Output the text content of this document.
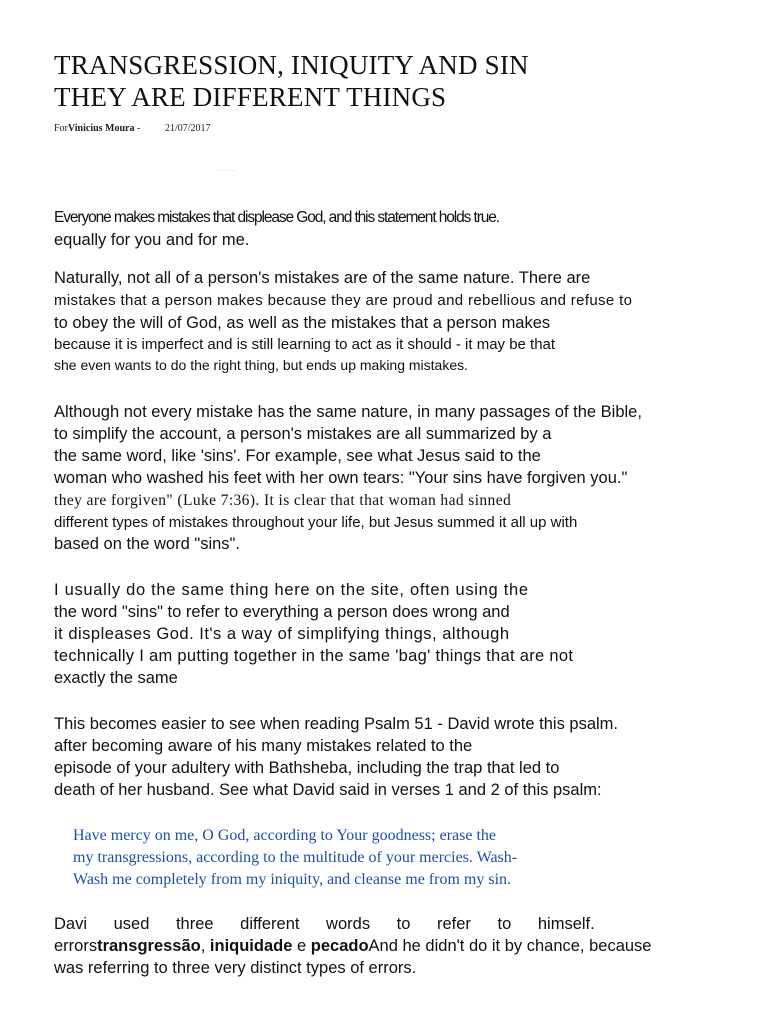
TRANSGRESSION, INIQUITY AND SIN
THEY ARE DIFFERENT THINGS
ForVinicius Moura - 21/07/2017

Everyone makes mistakes that displease God, and this statement holds true.

equally for you and for me.

Naturally, not all of a person's mistakes are of the same nature. There are

mistakes that a person makes because they are proud and rebellious and refuse to

to obey the will of God, as well as the mistakes that a person makes

because it is imperfect and is still learning to act as it should - it may be that

she even wants to do the right thing, but ends up making mistakes.

Although not every mistake has the same nature, in many passages of the Bible,

to simplify the account, a person's mistakes are all summarized by a

the same word, like 'sins'. For example, see what Jesus said to the

woman who washed his feet with her own tears: "Your sins have forgiven you."

they are forgiven" (Luke 7:36). It is clear that that woman had sinned

different types of mistakes throughout your life, but Jesus summed it all up with

based on the word "sins".

I usually do the same thing here on the site, often using the

the word "sins" to refer to everything a person does wrong and

it displeases God. It's a way of simplifying things, although

technically I am putting together in the same 'bag' things that are not

exactly the same

This becomes easier to see when reading Psalm 51 - David wrote this psalm.

after becoming aware of his many mistakes related to the

episode of your adultery with Bathsheba, including the trap that led to

death of her husband. See what David said in verses 1 and 2 of this psalm:

Have mercy on me, O God, according to Your goodness; erase the
my transgressions, according to the multitude of your mercies. Wash-
Wash me completely from my iniquity, and cleanse me from my sin.

Davi used three different words to refer to himself.

errorstransgressão, iniquidade e pecadoAnd he didn't do it by chance, because

was referring to three very distinct types of errors.
